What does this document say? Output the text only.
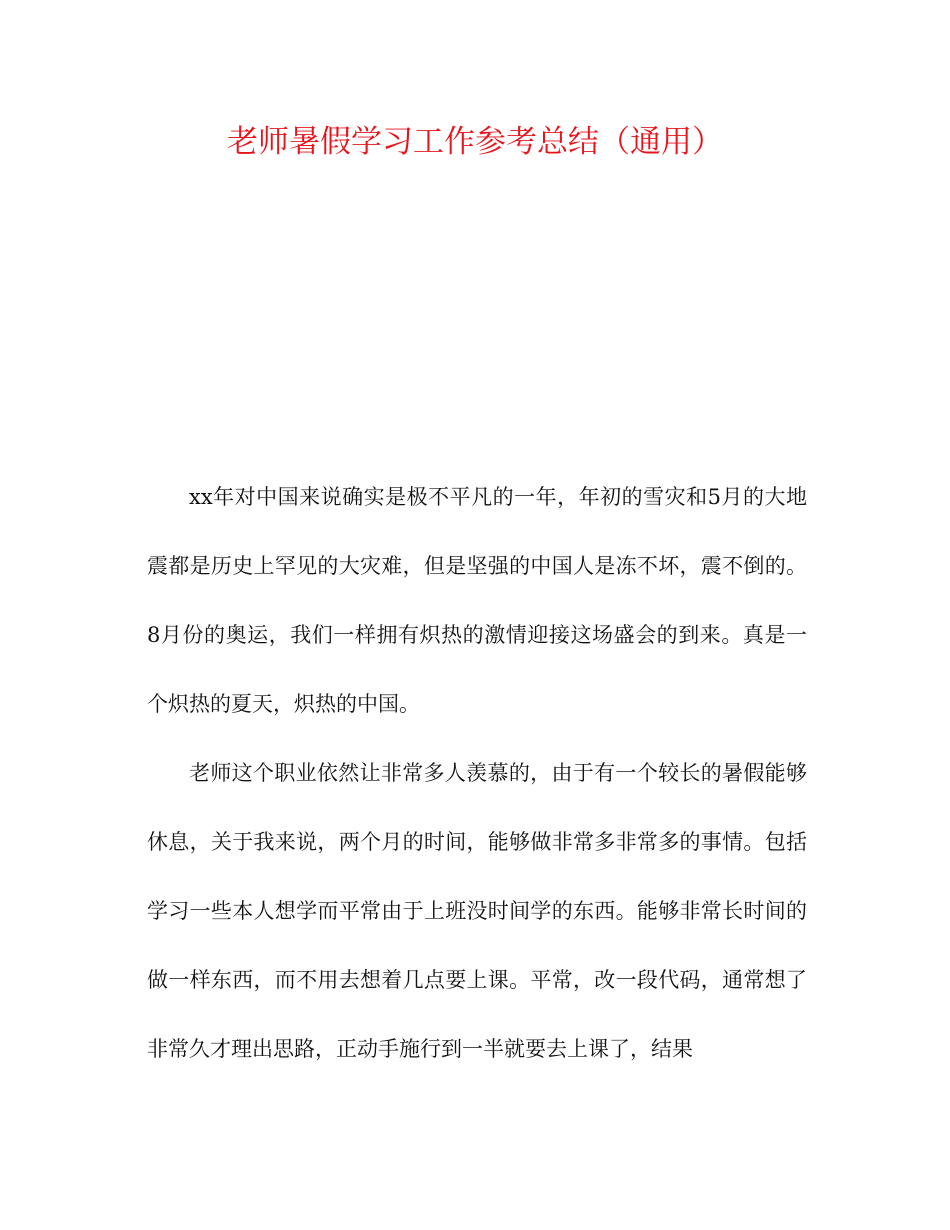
老师暑假学习工作参考总结（通用）

xx年对中国来说确实是极不平凡的一年，年初的雪灾和5月的大地震都是历史上罕见的大灾难，但是坚强的中国人是冻不坏，震不倒的。8月份的奥运，我们一样拥有炽热的激情迎接这场盛会的到来。真是一个炽热的夏天，炽热的中国。

老师这个职业依然让非常多人羡慕的，由于有一个较长的暑假能够休息，关于我来说，两个月的时间，能够做非常多非常多的事情。包括学习一些本人想学而平常由于上班没时间学的东西。能够非常长时间的做一样东西，而不用去想着几点要上课。平常，改一段代码，通常想了非常久才理出思路，正动手施行到一半就要去上课了，结果
